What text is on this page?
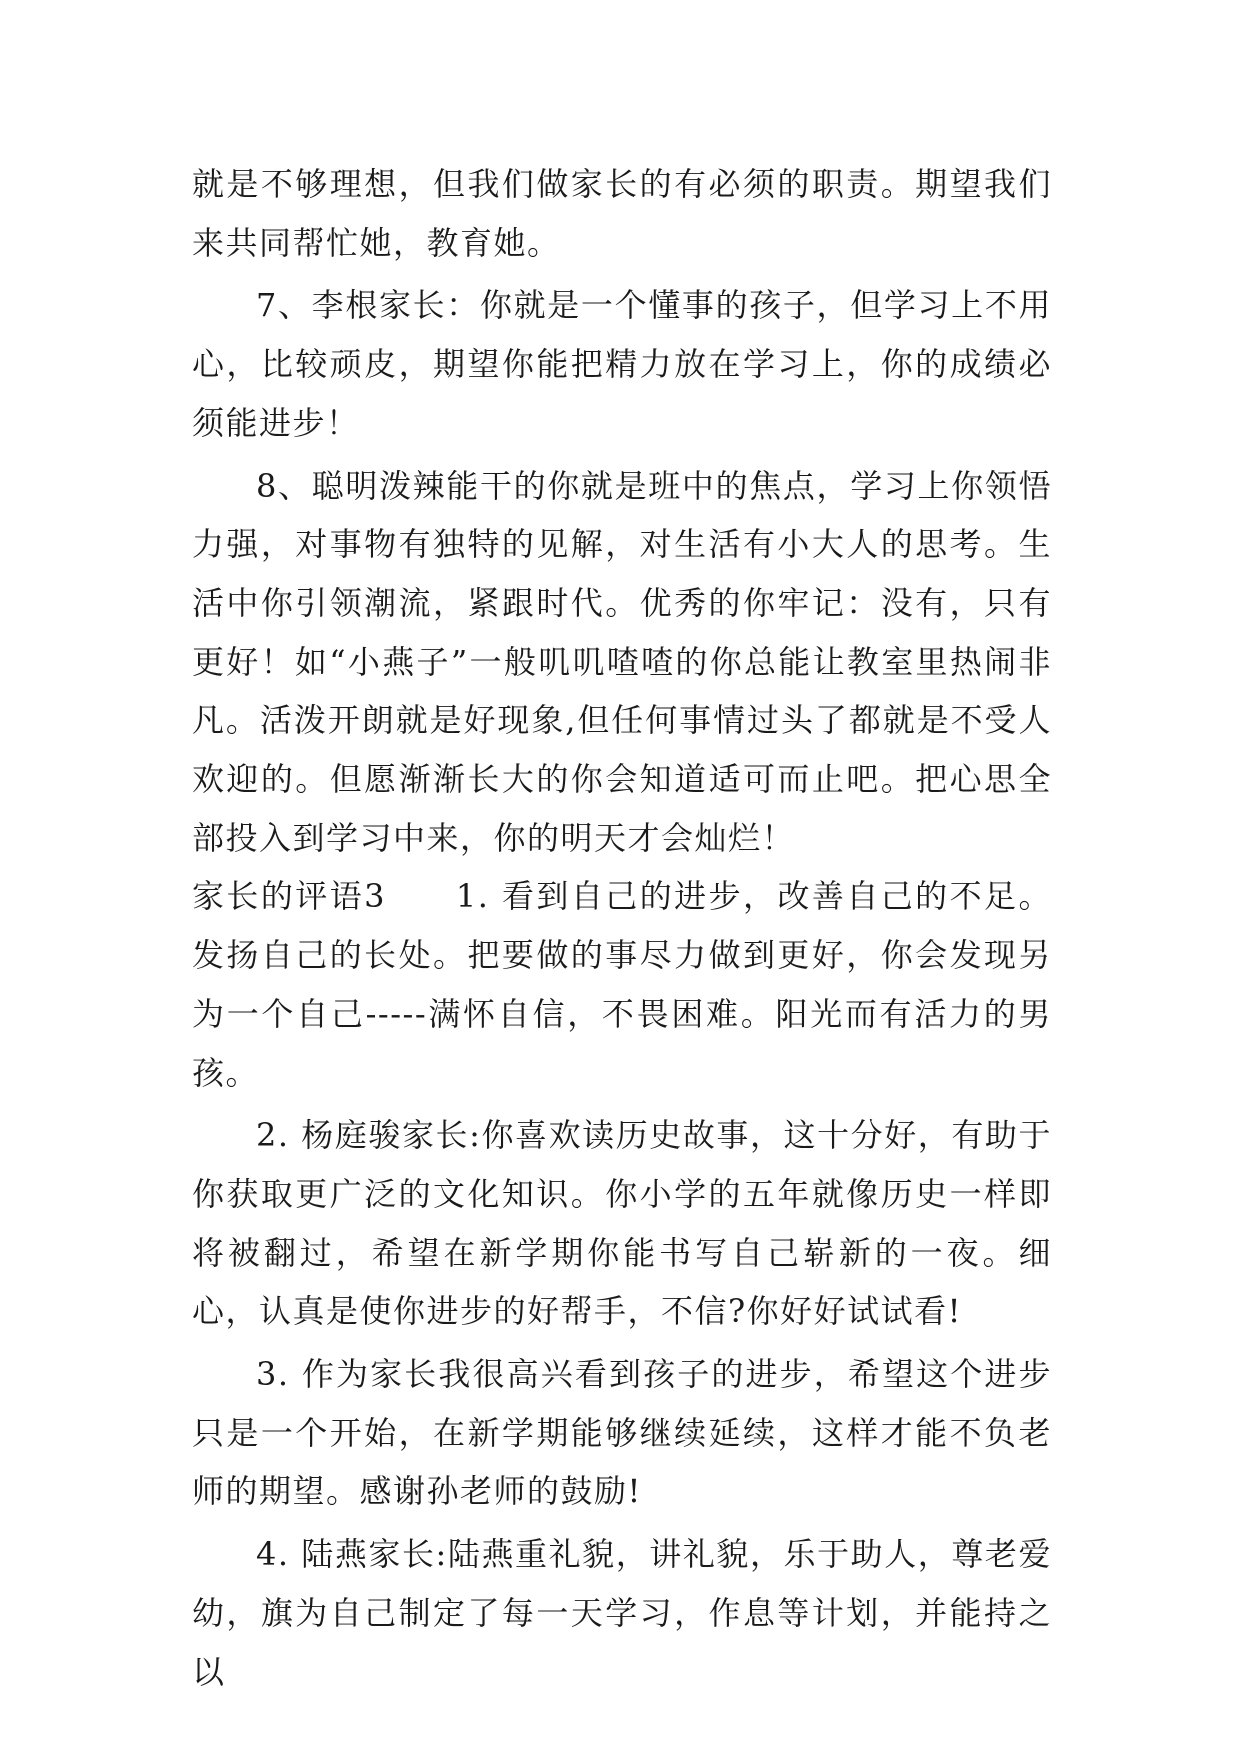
就是不够理想，但我们做家长的有必须的职责。期望我们来共同帮忙她，教育她。

7、李根家长：你就是一个懂事的孩子，但学习上不用心，比较顽皮，期望你能把精力放在学习上，你的成绩必须能进步！

8、聪明泼辣能干的你就是班中的焦点，学习上你领悟力强，对事物有独特的见解，对生活有小大人的思考。生活中你引领潮流，紧跟时代。优秀的你牢记：没有，只有更好！如“小燕子”一般叽叽喳喳的你总能让教室里热闹非凡。活泼开朗就是好现象,但任何事情过头了都就是不受人欢迎的。但愿渐渐长大的你会知道适可而止吧。把心思全部投入到学习中来，你的明天才会灿烂！

家长的评语3　　1. 看到自己的进步，改善自己的不足。发扬自己的长处。把要做的事尽力做到更好，你会发现另为一个自己-----满怀自信，不畏困难。阳光而有活力的男孩。

2. 杨庭骏家长:你喜欢读历史故事，这十分好，有助于你获取更广泛的文化知识。你小学的五年就像历史一样即将被翻过，希望在新学期你能书写自己崭新的一夜。细心，认真是使你进步的好帮手，不信?你好好试试看!

3. 作为家长我很高兴看到孩子的进步，希望这个进步只是一个开始，在新学期能够继续延续，这样才能不负老师的期望。感谢孙老师的鼓励!

4. 陆燕家长:陆燕重礼貌，讲礼貌，乐于助人，尊老爱幼，旗为自己制定了每一天学习，作息等计划，并能持之以
